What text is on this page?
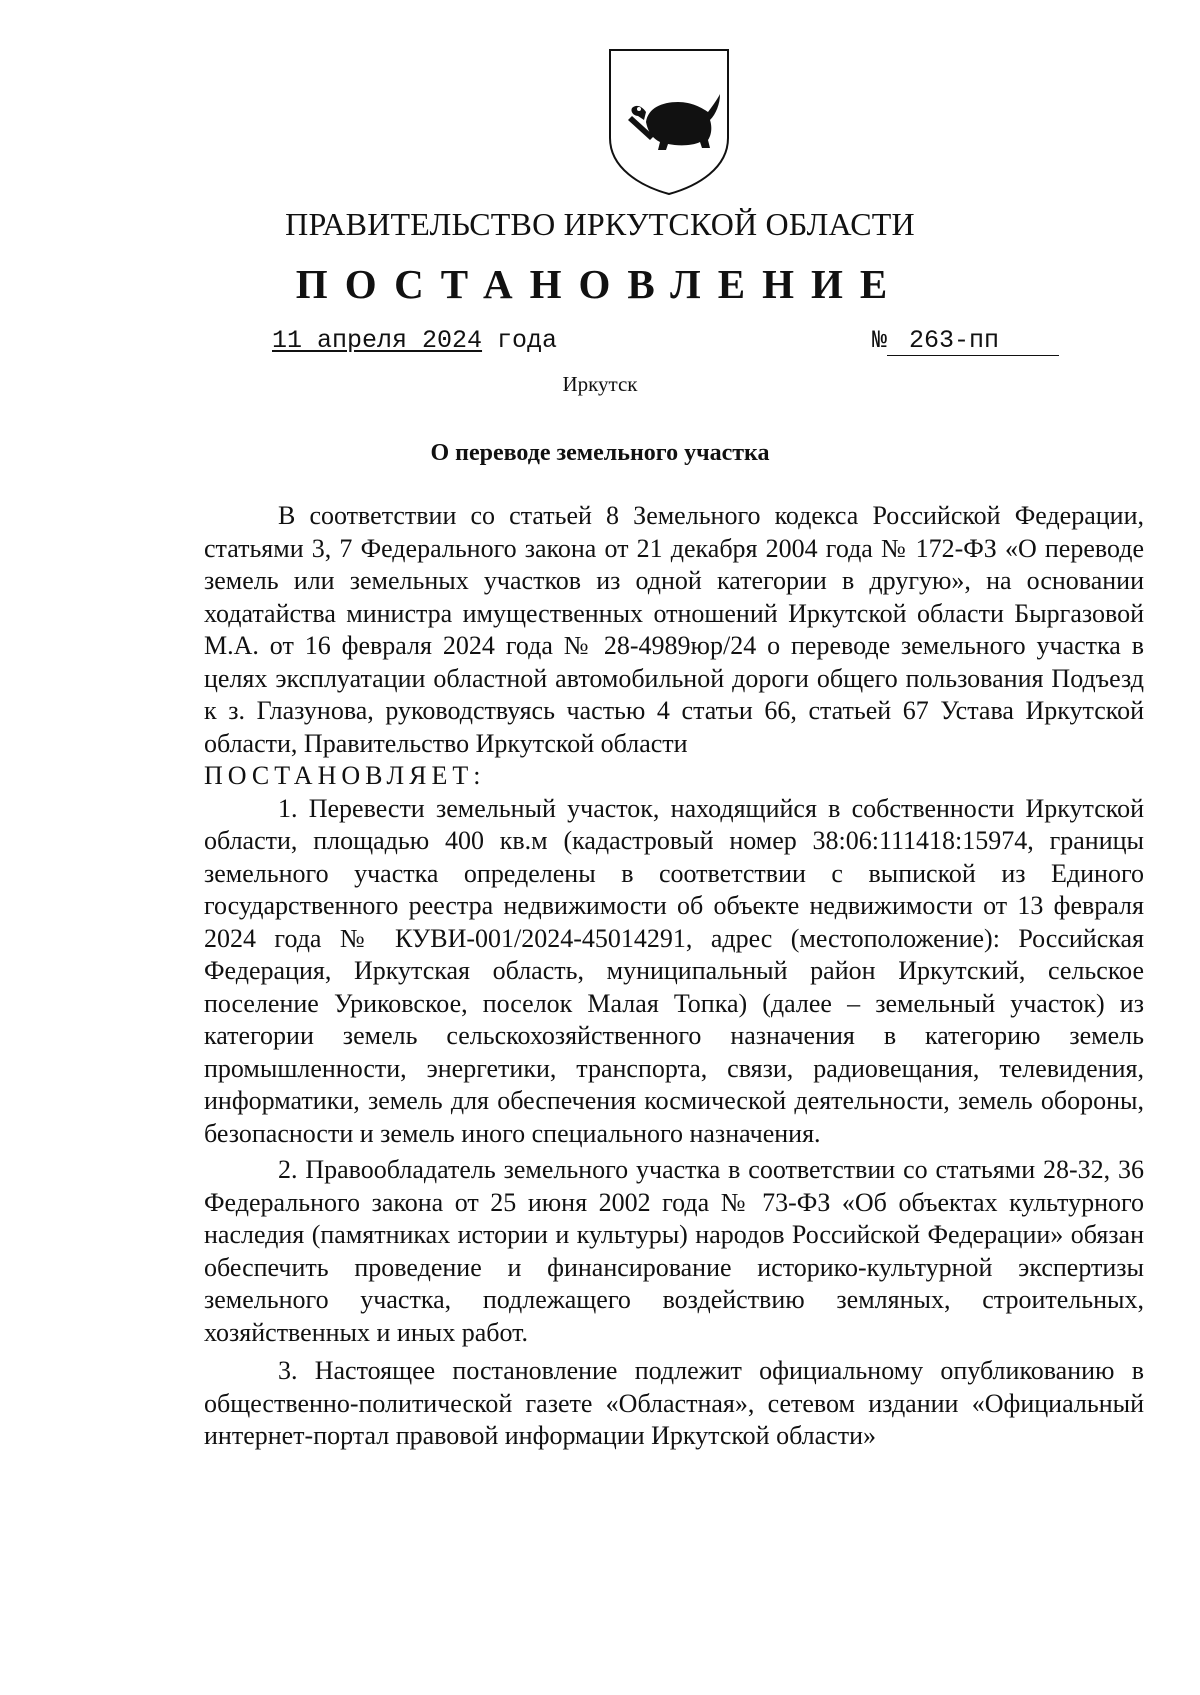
ПРАВИТЕЛЬСТВО ИРКУТСКОЙ ОБЛАСТИ
ПОСТАНОВЛЕНИЕ
11 апреля 2024 года	№ 263-пп
Иркутск
О переводе земельного участка

В соответствии со статьей 8 Земельного кодекса Российской Федерации, статьями 3, 7 Федерального закона от 21 декабря 2004 года № 172-ФЗ «О переводе земель или земельных участков из одной категории в другую», на основании ходатайства министра имущественных отношений Иркутской области Быргазовой М.А. от 16 февраля 2024 года № 28-4989юр/24 о переводе земельного участка в целях эксплуатации областной автомобильной дороги общего пользования Подъезд к з. Глазунова, руководствуясь частью 4 статьи 66, статьей 67 Устава Иркутской области, Правительство Иркутской области

ПОСТАНОВЛЯЕТ:

1. Перевести земельный участок, находящийся в собственности Иркутской области, площадью 400 кв.м (кадастровый номер 38:06:111418:15974, границы земельного участка определены в соответствии с выпиской из Единого государственного реестра недвижимости об объекте недвижимости от 13 февраля 2024 года № КУВИ-001/2024-45014291, адрес (местоположение): Российская Федерация, Иркутская область, муниципальный район Иркутский, сельское поселение Уриковское, поселок Малая Топка) (далее – земельный участок) из категории земель сельскохозяйственного назначения в категорию земель промышленности, энергетики, транспорта, связи, радиовещания, телевидения, информатики, земель для обеспечения космической деятельности, земель обороны, безопасности и земель иного специального назначения.

2. Правообладатель земельного участка в соответствии со статьями 28-32, 36 Федерального закона от 25 июня 2002 года № 73-ФЗ «Об объектах культурного наследия (памятниках истории и культуры) народов Российской Федерации» обязан обеспечить проведение и финансирование историко-культурной экспертизы земельного участка, подлежащего воздействию земляных, строительных, хозяйственных и иных работ.

3. Настоящее постановление подлежит официальному опубликованию в общественно-политической газете «Областная», сетевом издании «Официальный интернет-портал правовой информации Иркутской области»
